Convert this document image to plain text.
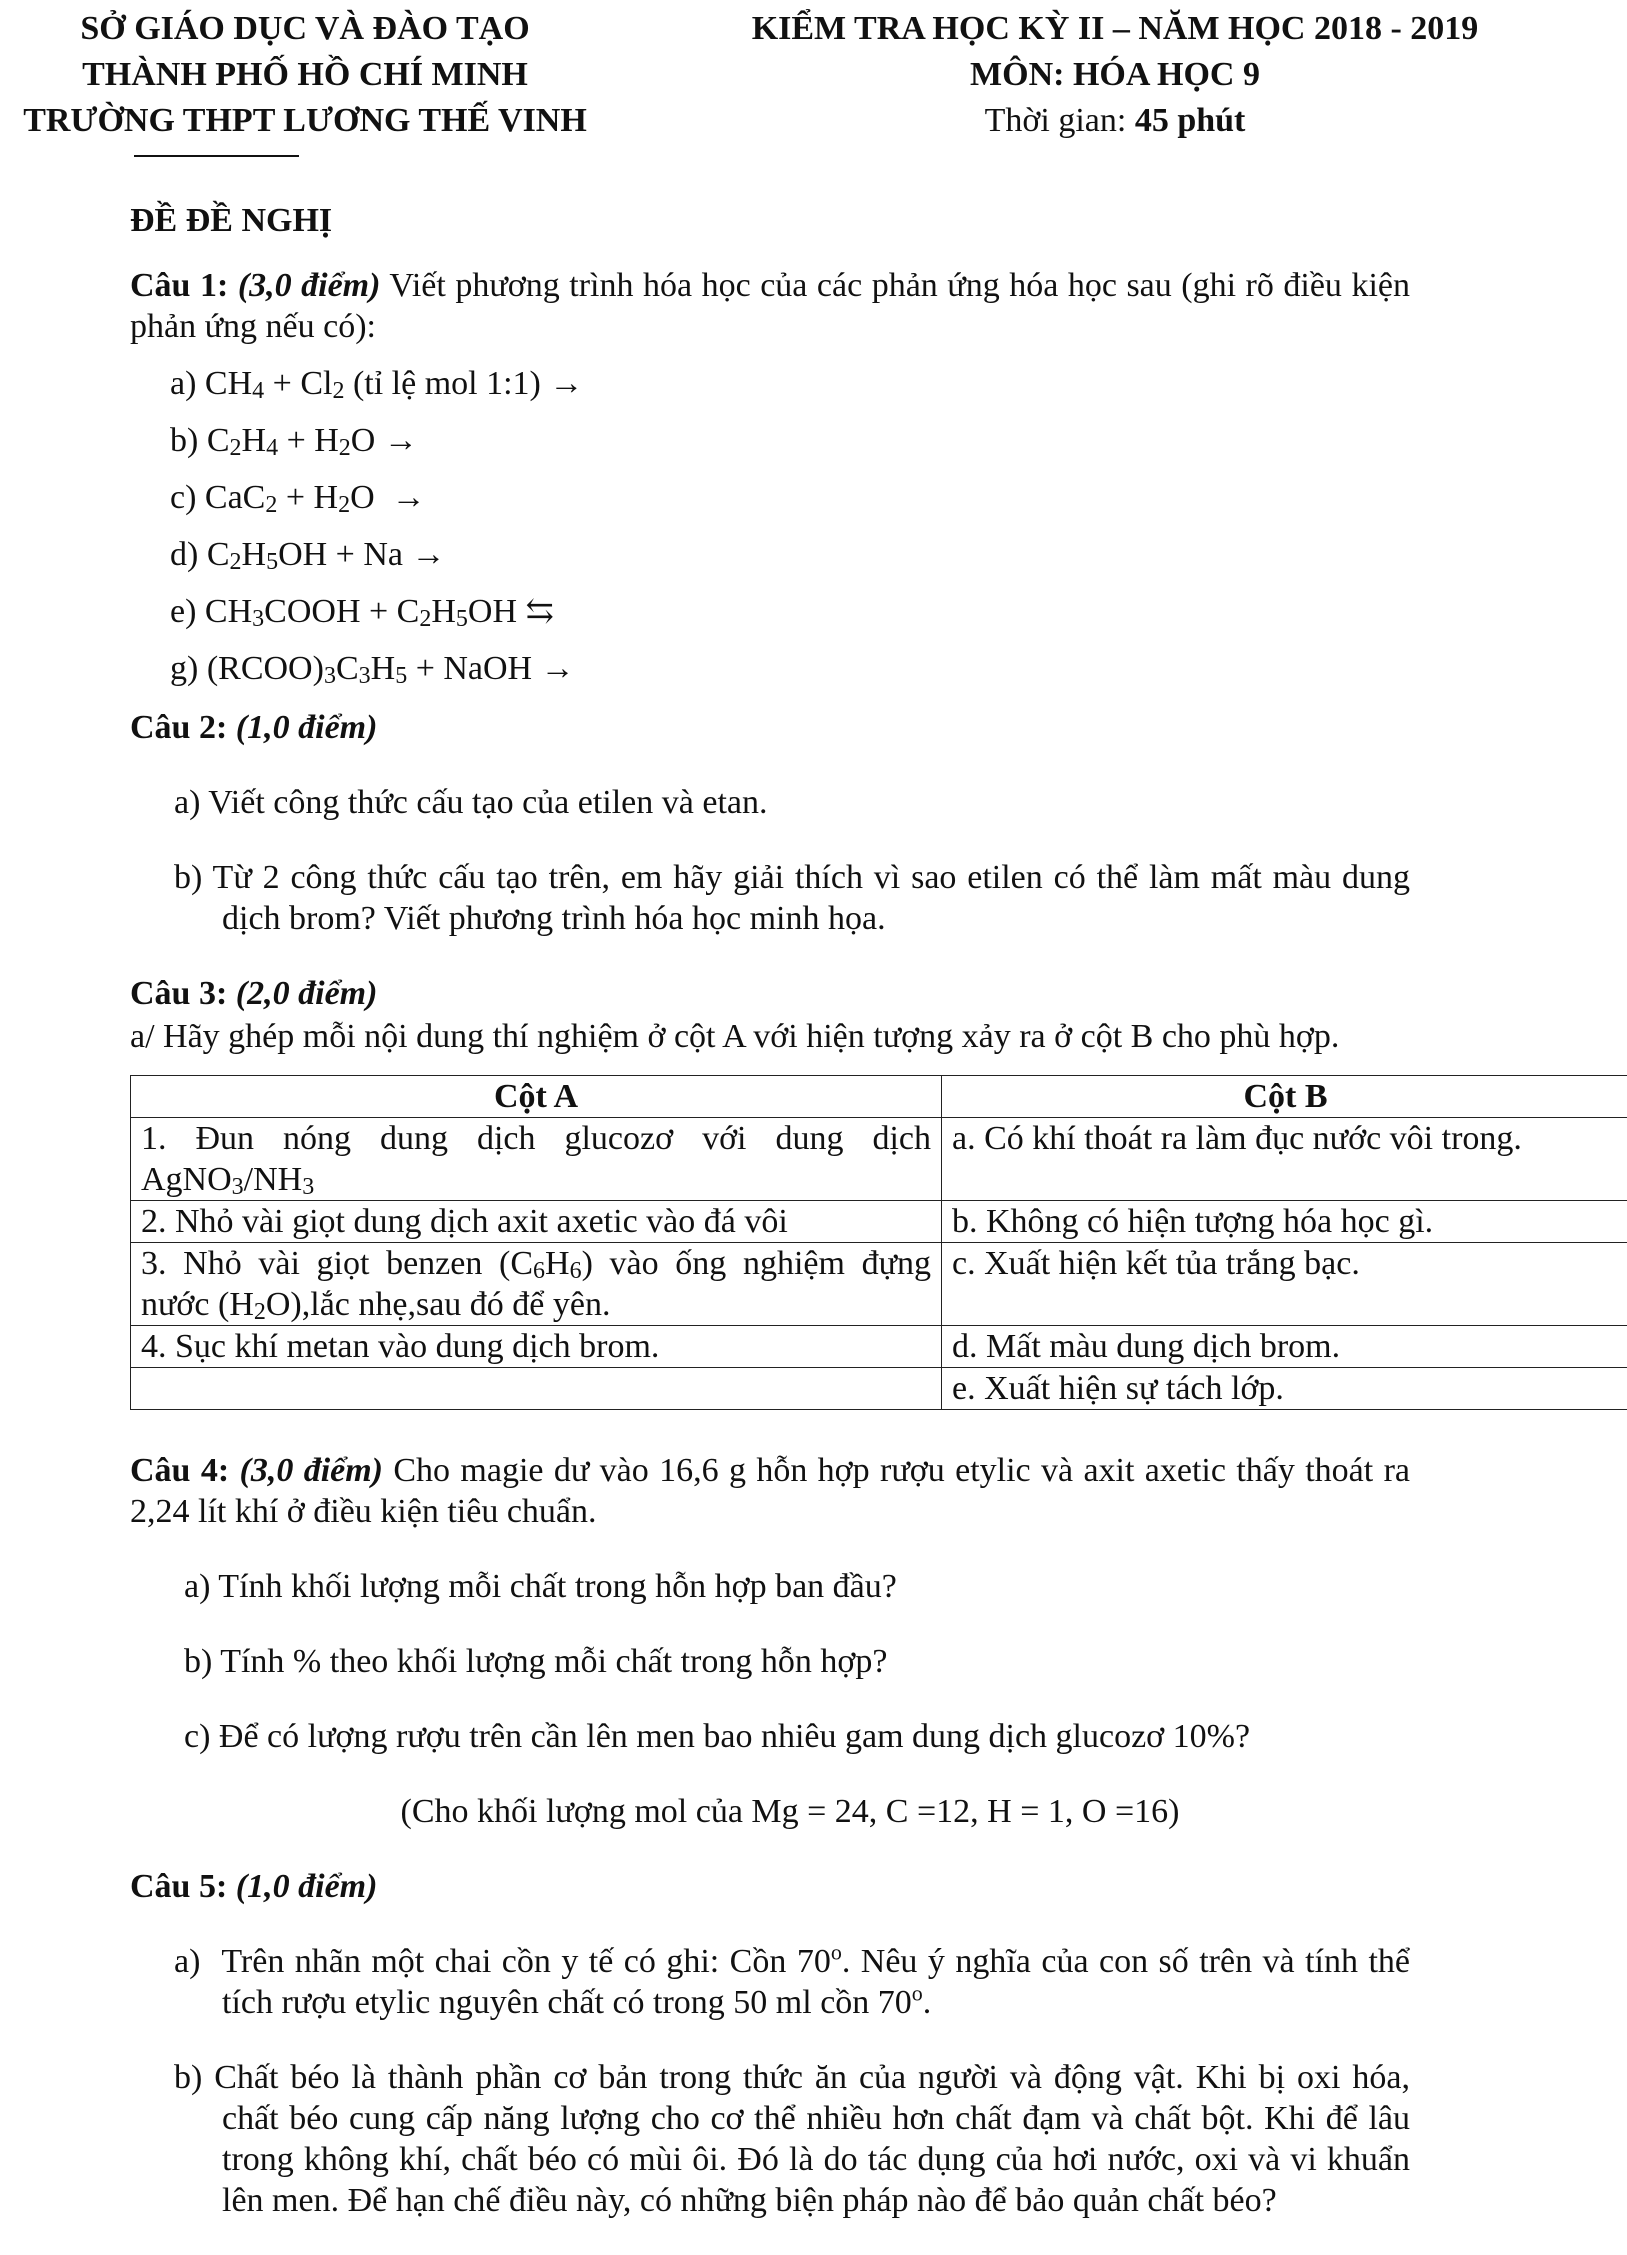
SỞ GIÁO DỤC VÀ ĐÀO TẠO
THÀNH PHỐ HỒ CHÍ MINH
TRƯỜNG THPT LƯƠNG THẾ VINH
KIỂM TRA HỌC KỲ II – NĂM HỌC 2018 - 2019
MÔN: HÓA HỌC 9
Thời gian: 45 phút

ĐỀ ĐỀ NGHỊ

Câu 1: (3,0 điểm) Viết phương trình hóa học của các phản ứng hóa học sau (ghi rõ điều kiện phản ứng nếu có):

a) $CH_4 + Cl_2$ (tỉ lệ mol 1:1) →

b) $C_2H_4 + H_2O$ →

c) $CaC_2 + H_2O$  →

d) $C_2H_5OH + Na$ →

e) $CH_3COOH + C_2H_5OH$ ⇆

g) $(RCOO)_3C_3H_5$ + NaOH →

Câu 2: (1,0 điểm)

a) Viết công thức cấu tạo của etilen và etan.

b) Từ 2 công thức cấu tạo trên, em hãy giải thích vì sao etilen có thể làm mất màu dung dịch brom? Viết phương trình hóa học minh họa.

Câu 3: (2,0 điểm)

a/ Hãy ghép mỗi nội dung thí nghiệm ở cột A với hiện tượng xảy ra ở cột B cho phù hợp.

Cột A	Cột B
1. Đun nóng dung dịch glucozơ với dung dịch $AgNO_3/NH_3$	a. Có khí thoát ra làm đục nước vôi trong.
2. Nhỏ vài giọt dung dịch axit axetic vào đá vôi	b. Không có hiện tượng hóa học gì.
3. Nhỏ vài giọt benzen $(C_6H_6)$ vào ống nghiệm đựng nước $(H_2O),lắc$ nhẹ,sau đó để yên.	c. Xuất hiện kết tủa trắng bạc.
4. Sục khí metan vào dung dịch brom.	d. Mất màu dung dịch brom.
	e. Xuất hiện sự tách lớp.

Câu 4: (3,0 điểm) Cho magie dư vào 16,6 g hỗn hợp rượu etylic và axit axetic thấy thoát ra 2,24 lít khí ở điều kiện tiêu chuẩn.

a) Tính khối lượng mỗi chất trong hỗn hợp ban đầu?

b) Tính % theo khối lượng mỗi chất trong hỗn hợp?

c) Để có lượng rượu trên cần lên men bao nhiêu gam dung dịch glucozơ 10%?

(Cho khối lượng mol của Mg = 24, C =12, H = 1, O =16)

Câu 5: (1,0 điểm)

a)  Trên nhãn một chai cồn y tế có ghi: Cồn 70$^o$. Nêu ý nghĩa của con số trên và tính thể tích rượu etylic nguyên chất có trong 50 ml cồn 70$^o$.

b) Chất béo là thành phần cơ bản trong thức ăn của người và động vật. Khi bị oxi hóa, chất béo cung cấp năng lượng cho cơ thể nhiều hơn chất đạm và chất bột. Khi để lâu trong không khí, chất béo có mùi ôi. Đó là do tác dụng của hơi nước, oxi và vi khuẩn lên men. Để hạn chế điều này, có những biện pháp nào để bảo quản chất béo?
